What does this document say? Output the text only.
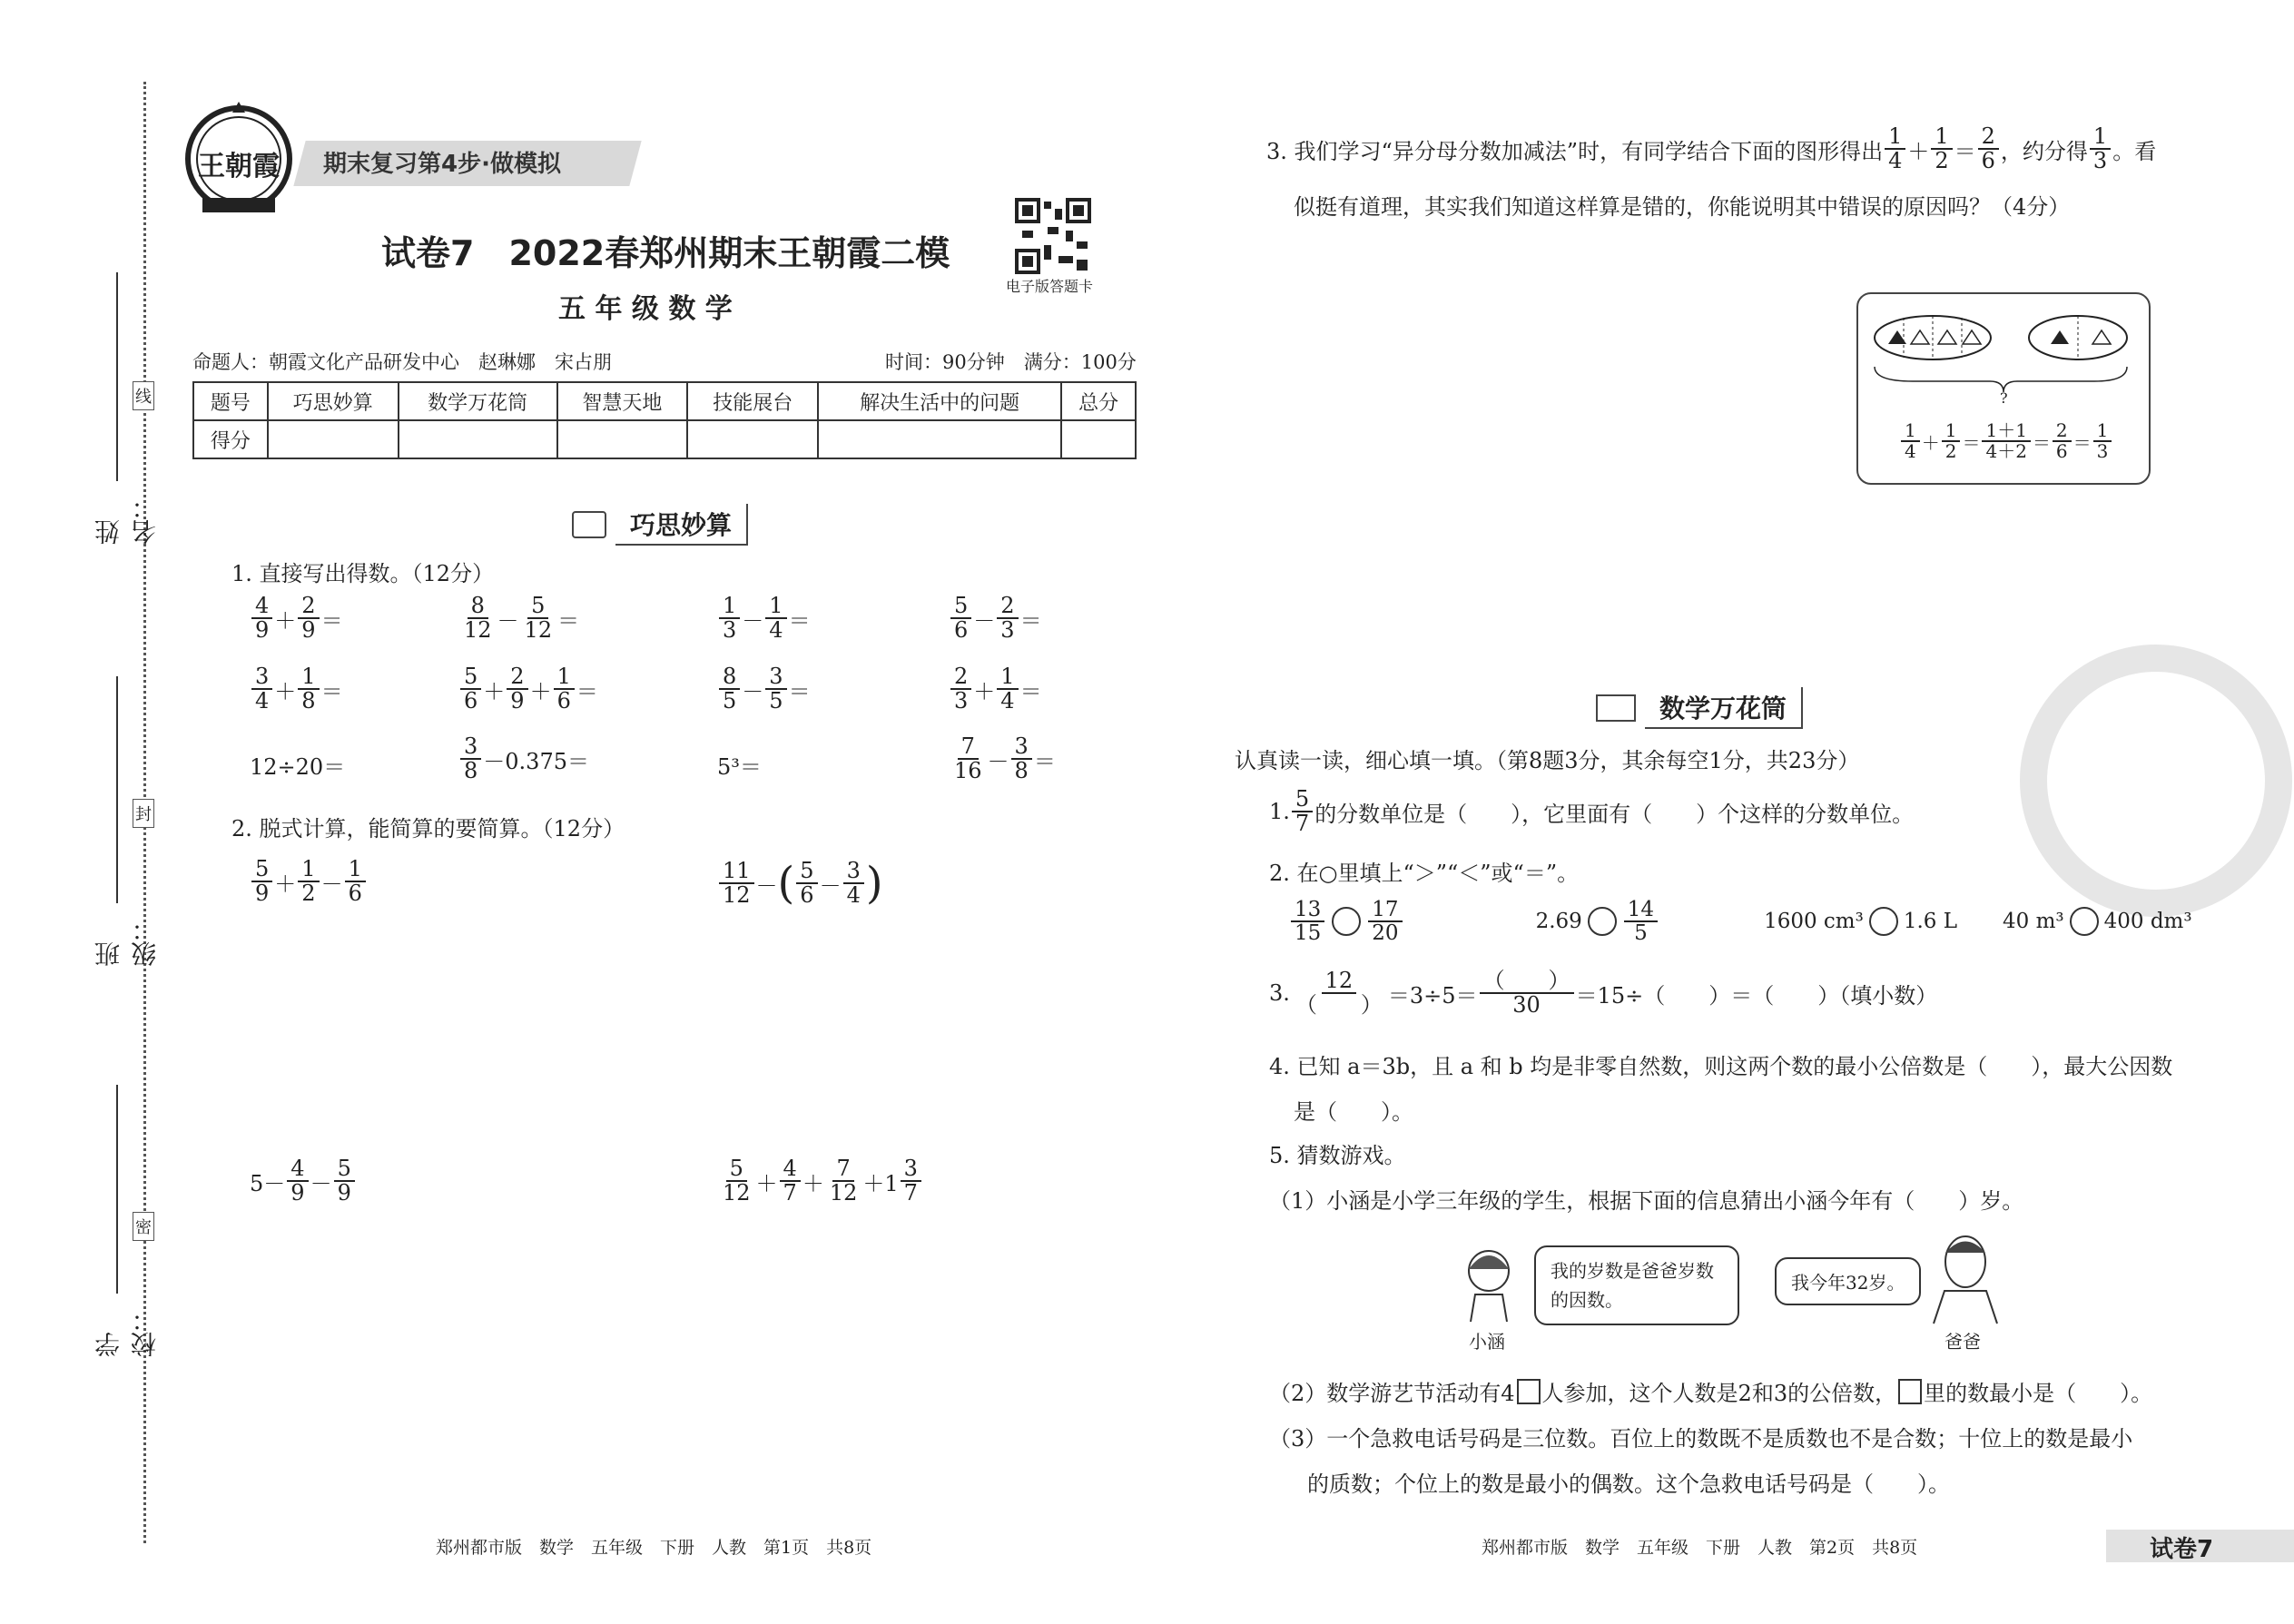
姓名：
班级：
学校：
线
封
密
王朝霞	期末复习第4步·做模拟
试卷7　2022春郑州期末王朝霞二模
五 年 级 数 学
电子版答题卡
命题人：朝霞文化产品研发中心　赵琳娜　宋占朋	时间：90分钟　满分：100分
题号	巧思妙算	数学万花筒	智慧天地	技能展台	解决生活中的问题	总分
得分						
巧思妙算
1. 直接写出得数。（12分）
$\frac{4}{9} + \frac{2}{9}$ ＝	$\frac{8}{12} - \frac{5}{12}$ ＝	$\frac{1}{3} - \frac{1}{4}$ ＝	$\frac{5}{6} - \frac{2}{3}$ ＝
$\frac{3}{4} + \frac{1}{8}$ ＝	$\frac{5}{6} + \frac{2}{9} + \frac{1}{6}$ ＝	$\frac{8}{5} - \frac{3}{5}$ ＝	$\frac{2}{3} + \frac{1}{4}$ ＝
12÷20＝	$\frac{3}{8} -0.375=$	5³＝	$\frac{7}{16} - \frac{3}{8}$ ＝
2. 脱式计算，能简算的要简算。（12分）
$\frac{5}{9} + \frac{1}{2} - \frac{1}{6}$	$\frac{11}{12}$ － ( $\frac{5}{6} - \frac{3}{4}$ )
$5- \frac{4}{9} - \frac{5}{9}$	$\frac{5}{12} + \frac{4}{7} + \frac{7}{12} +1 \frac{3}{7}$
郑州都市版　数学　五年级　下册　人教　第1页　共8页
3. 我们学习“异分母分数加减法”时，有同学结合下面的图形得出 $\frac{1}{4} + \frac{1}{2} = \frac{2}{6}$ ，约分得 $\frac{1}{3}$ 。看
似挺有道理，其实我们知道这样算是错的，你能说明其中错误的原因吗？（4分）
?
$\frac{1}{4} + \frac{1}{2} = \frac{1+1}{4+2} = \frac{2}{6} = \frac{1}{3}$
数学万花筒
认真读一读，细心填一填。（第8题3分，其余每空1分，共23分）
1. $\frac{5}{7}$ 的分数单位是（　　），它里面有（　　）个这样的分数单位。
2. 在○里填上“＞”“＜”或“＝”。
$\frac{13}{15} \frac{17}{20}$	$2.69 \frac{14}{5}$	1600 cm³ 1.6 L 40 m³ 400 dm³
3. $\frac{12}{( )} =3\div 5= \frac{( )}{30} =15\div$（　　）＝（　　）（填小数）
4. 已知 a＝3b，且 a 和 b 均是非零自然数，则这两个数的最小公倍数是（　　），最大公因数
是（　　）。
5. 猜数游戏。
（1）小涵是小学三年级的学生，根据下面的信息猜出小涵今年有（　　）岁。
小涵
我的岁数是爸爸岁数的因数。
我今年32岁。
爸爸
（2）数学游艺节活动有4 人参加，这个人数是2和3的公倍数， 里的数最小是（　　）。
（3）一个急救电话号码是三位数。百位上的数既不是质数也不是合数；十位上的数是最小
的质数；个位上的数是最小的偶数。这个急救电话号码是（　　）。
郑州都市版　数学　五年级　下册　人教　第2页　共8页	试卷7
